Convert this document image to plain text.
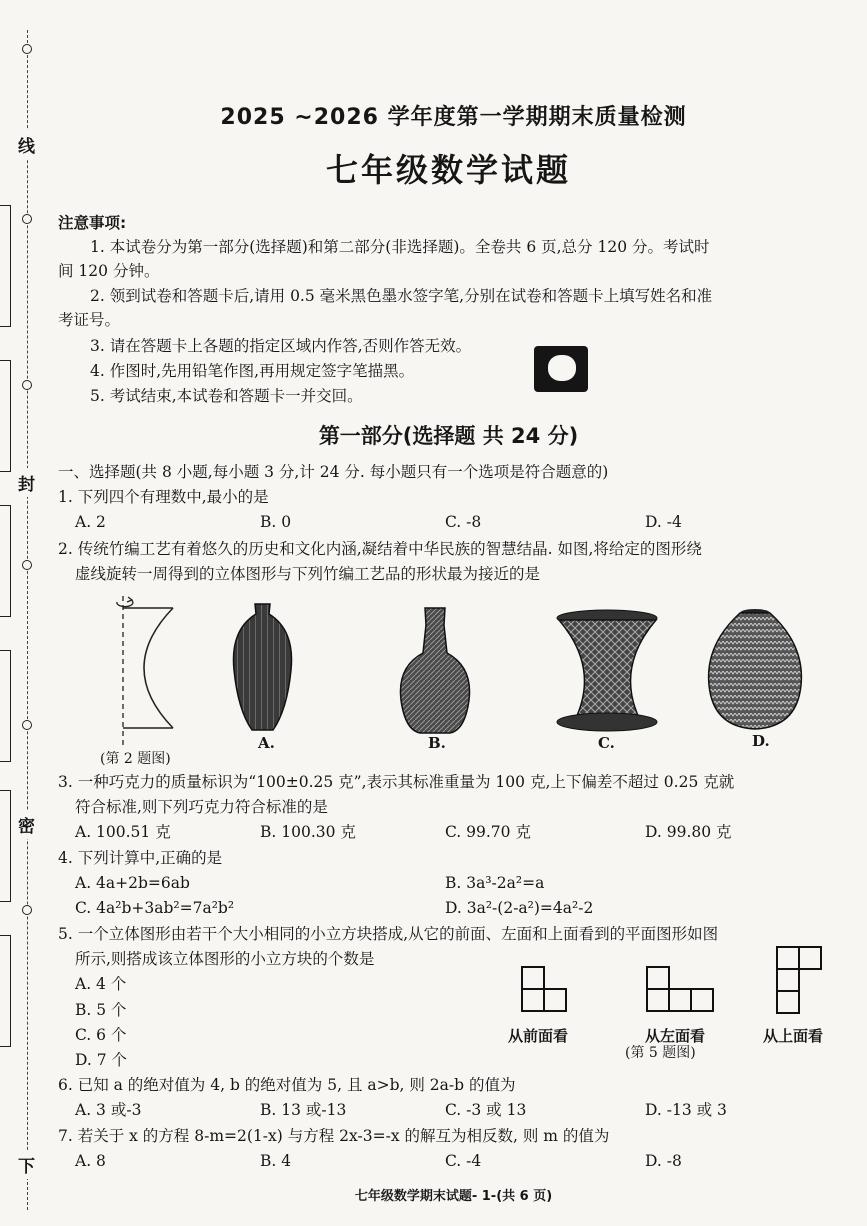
线
封
密
下
2025 ~2026 学年度第一学期期末质量检测
七年级数学试题
注意事项:
1. 本试卷分为第一部分(选择题)和第二部分(非选择题)。全卷共 6 页,总分 120 分。考试时
间 120 分钟。
2. 领到试卷和答题卡后,请用 0.5 毫米黑色墨水签字笔,分别在试卷和答题卡上填写姓名和准
考证号。
3. 请在答题卡上各题的指定区域内作答,否则作答无效。
4. 作图时,先用铅笔作图,再用规定签字笔描黑。
5. 考试结束,本试卷和答题卡一并交回。
第一部分(选择题 共 24 分)
一、选择题(共 8 小题,每小题 3 分,计 24 分. 每小题只有一个选项是符合题意的)
1. 下列四个有理数中,最小的是
A. 2	B. 0	C. -8	D. -4
2. 传统竹编工艺有着悠久的历史和文化内涵,凝结着中华民族的智慧结晶. 如图,将给定的图形绕
虚线旋转一周得到的立体图形与下列竹编工艺品的形状最为接近的是
(第 2 题图)
A.	B.	C.	D.
3. 一种巧克力的质量标识为“100±0.25 克”,表示其标准重量为 100 克,上下偏差不超过 0.25 克就
符合标准,则下列巧克力符合标准的是
A. 100.51 克	B. 100.30 克	C. 99.70 克	D. 99.80 克
4. 下列计算中,正确的是
A. 4a+2b=6ab	B. 3a³-2a²=a
C. 4a²b+3ab²=7a²b²	D. 3a²-(2-a²)=4a²-2
5. 一个立体图形由若干个大小相同的小立方块搭成,从它的前面、左面和上面看到的平面图形如图
所示,则搭成该立体图形的小立方块的个数是
A. 4 个
B. 5 个
C. 6 个
D. 7 个
从前面看	从左面看	从上面看
(第 5 题图)
6. 已知 a 的绝对值为 4, b 的绝对值为 5, 且 a>b, 则 2a-b 的值为
A. 3 或-3	B. 13 或-13	C. -3 或 13	D. -13 或 3
7. 若关于 x 的方程 8-m=2(1-x) 与方程 2x-3=-x 的解互为相反数, 则 m 的值为
A. 8	B. 4	C. -4	D. -8
七年级数学期末试题- 1-(共 6 页)
